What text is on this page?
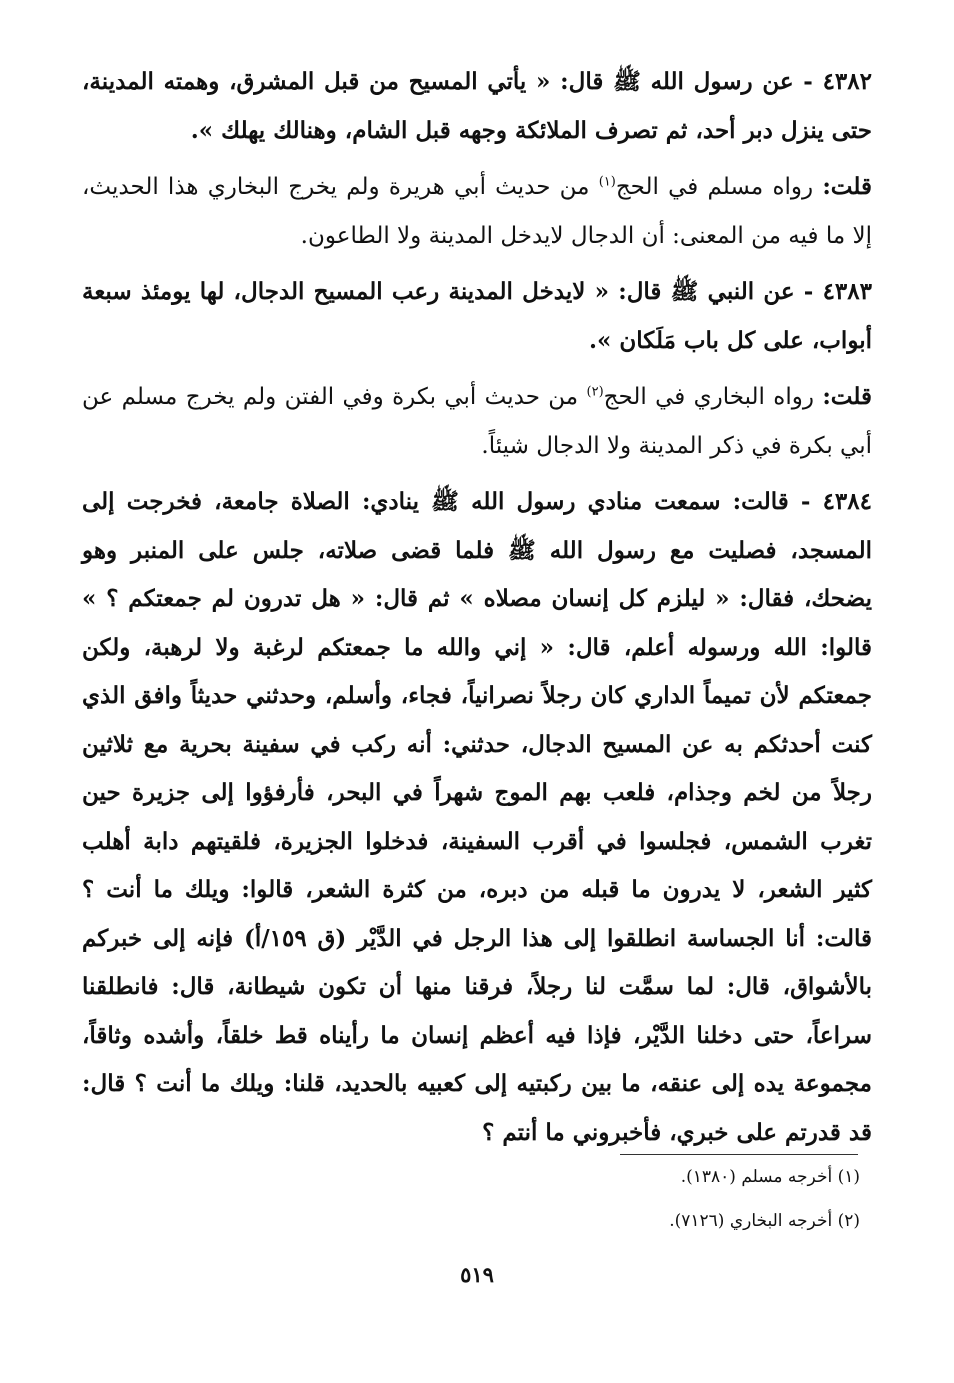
٤٣٨٢ - عن رسول الله ﷺ قال: « يأتي المسيح من قبل المشرق، وهمته المدينة، حتى ينزل دبر أحد، ثم تصرف الملائكة وجهه قبل الشام، وهنالك يهلك ».

قلت: رواه مسلم في الحج$^{(١)}$ من حديث أبي هريرة ولم يخرج البخاري هذا الحديث، إلا ما فيه من المعنى: أن الدجال لايدخل المدينة ولا الطاعون.

٤٣٨٣ - عن النبي ﷺ قال: « لايدخل المدينة رعب المسيح الدجال، لها يومئذ سبعة أبواب، على كل باب مَلَكان ».

قلت: رواه البخاري في الحج$^{(٢)}$ من حديث أبي بكرة وفي الفتن ولم يخرج مسلم عن أبي بكرة في ذكر المدينة ولا الدجال شيئاً.

٤٣٨٤ - قالت: سمعت منادي رسول الله ﷺ ينادي: الصلاة جامعة، فخرجت إلى المسجد، فصليت مع رسول الله ﷺ فلما قضى صلاته، جلس على المنبر وهو يضحك، فقال: « ليلزم كل إنسان مصلاه » ثم قال: « هل تدرون لم جمعتكم ؟ » قالوا: الله ورسوله أعلم، قال: « إني والله ما جمعتكم لرغبة ولا لرهبة، ولكن جمعتكم لأن تميماً الداري كان رجلاً نصرانياً، فجاء، وأسلم، وحدثني حديثاً وافق الذي كنت أحدثكم به عن المسيح الدجال، حدثني: أنه ركب في سفينة بحرية مع ثلاثين رجلاً من لخم وجذام، فلعب بهم الموج شهراً في البحر، فأرفؤوا إلى جزيرة حين تغرب الشمس، فجلسوا في أقرب السفينة، فدخلوا الجزيرة، فلقيتهم دابة أهلب كثير الشعر، لا يدرون ما قبله من دبره، من كثرة الشعر، قالوا: ويلك ما أنت ؟ قالت: أنا الجساسة انطلقوا إلى هذا الرجل في الدَّيْر (ق ١٥٩/أ) فإنه إلى خبركم بالأشواق، قال: لما سمَّت لنا رجلاً، فرقنا منها أن تكون شيطانة، قال: فانطلقنا سراعاً، حتى دخلنا الدَّيْر، فإذا فيه أعظم إنسان ما رأيناه قط خلقاً، وأشده وثاقاً، مجموعة يده إلى عنقه، ما بين ركبتيه إلى كعبيه بالحديد، قلنا: ويلك ما أنت ؟ قال: قد قدرتم على خبري، فأخبروني ما أنتم ؟

(١) أخرجه مسلم (١٣٨٠).
(٢) أخرجه البخاري (٧١٢٦).
٥١٩
